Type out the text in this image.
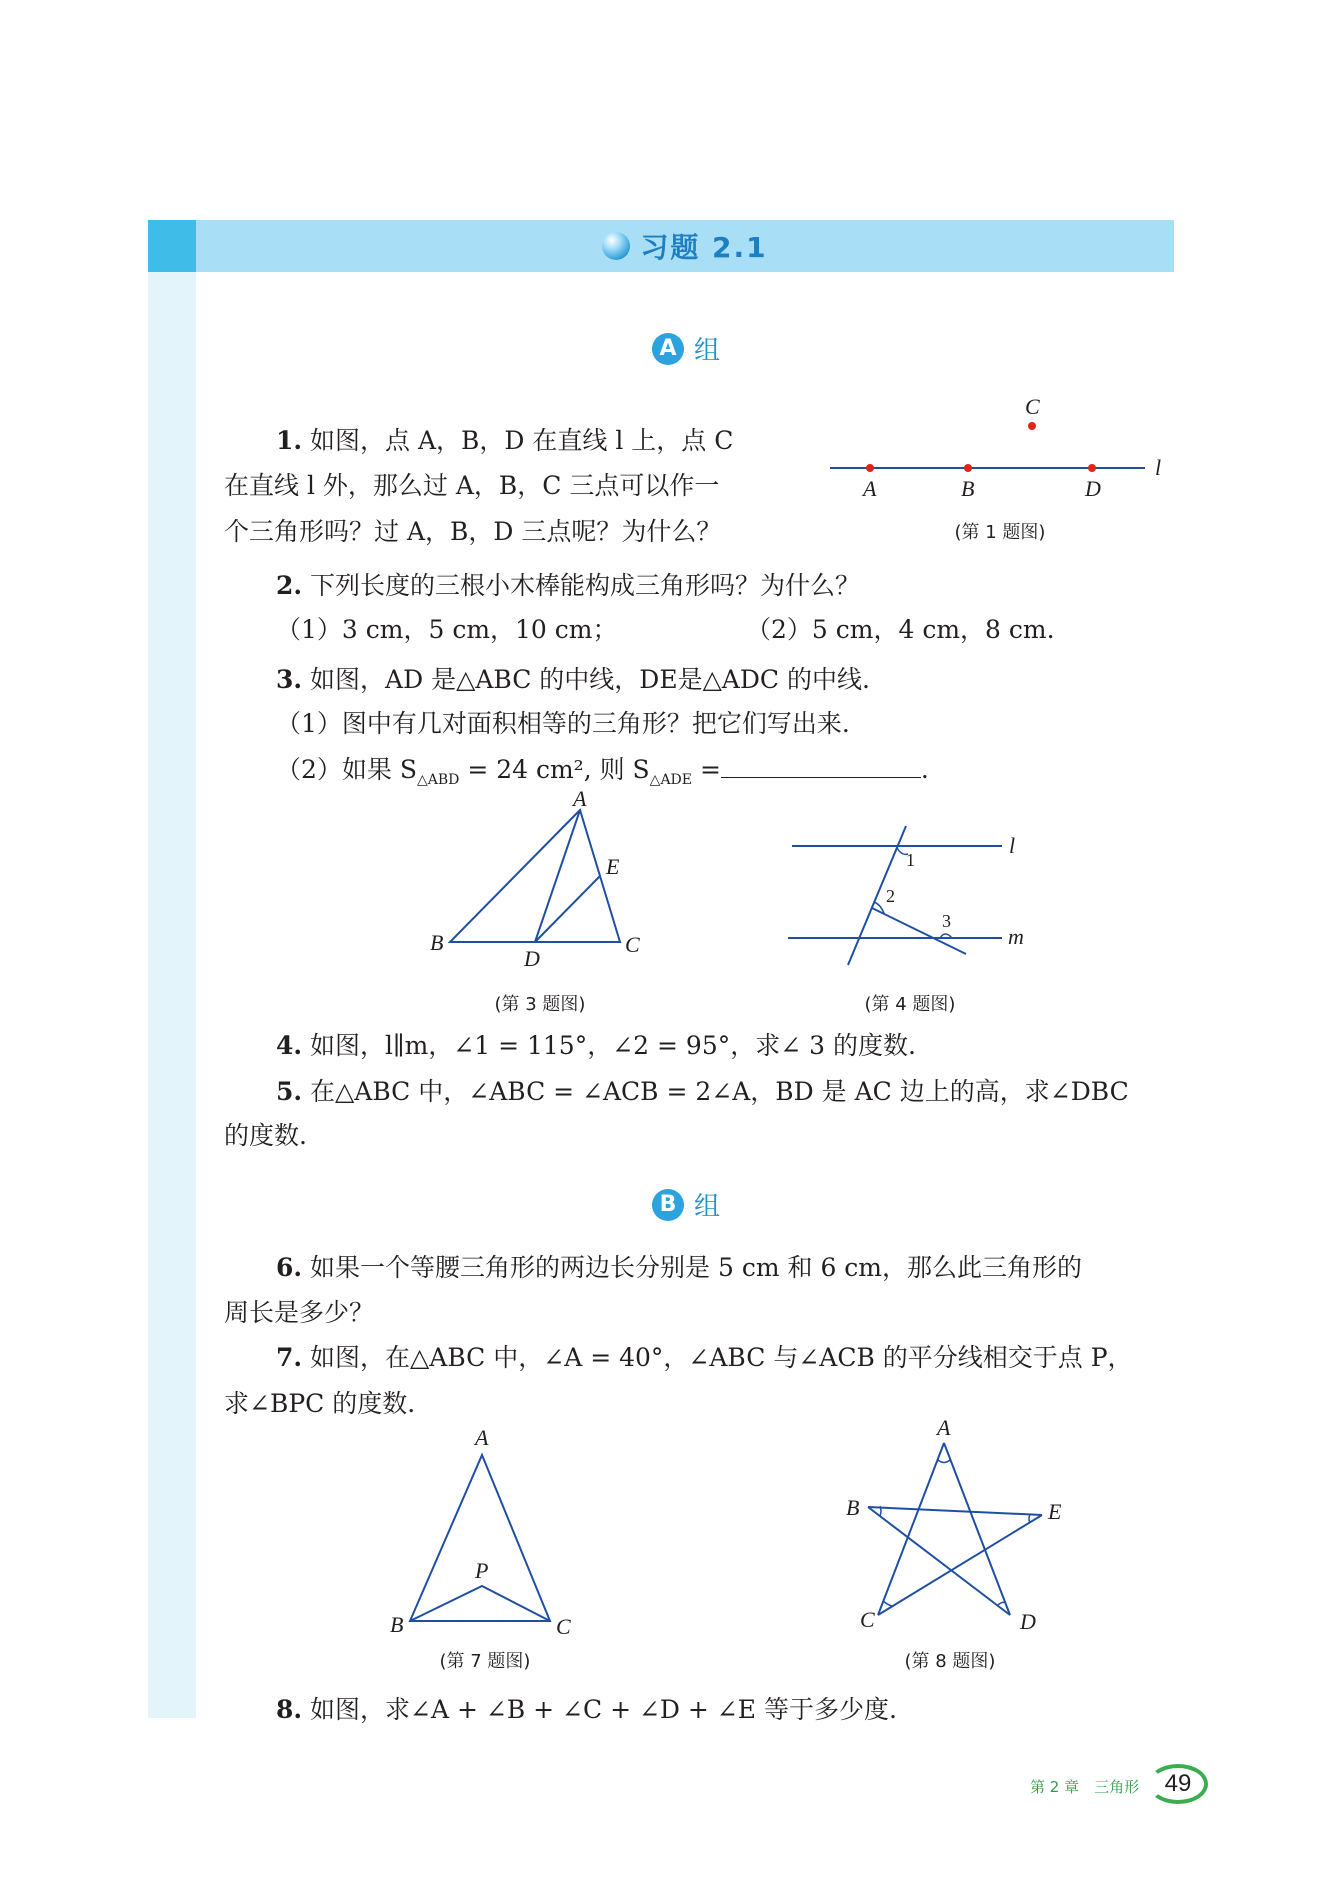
习题 2.1
A 组
1. 如图，点 A，B，D 在直线 l 上，点 C
在直线 l 外，那么过 A，B，C 三点可以作一
个三角形吗？过 A，B，D 三点呢？为什么？
A	B	D
C
l
(第 1 题图)
2. 下列长度的三根小木棒能构成三角形吗？为什么？
（1）3 cm，5 cm，10 cm；	（2）5 cm，4 cm，8 cm.
3. 如图，AD 是△ABC 的中线，DE是△ADC 的中线.
（1）图中有几对面积相等的三角形？把它们写出来.
（2）如果 $S_{\triangle ABD} = 24$ cm², 则 $S_{\triangle ADE}$ =	.
A
B	C
D
E
(第 3 题图)
l
m
1
2
3
(第 4 题图)
4. 如图，l∥m，∠1 = 115°，∠2 = 95°，求∠ 3 的度数.
5. 在△ABC 中，∠ABC = ∠ACB = 2∠A，BD 是 AC 边上的高，求∠DBC
的度数.
B 组
6. 如果一个等腰三角形的两边长分别是 5 cm 和 6 cm，那么此三角形的
周长是多少？
7. 如图，在△ABC 中，∠A = 40°，∠ABC 与∠ACB 的平分线相交于点 P，
求∠BPC 的度数.
A
B	C
P
(第 7 题图)
A
B
C	D
E
(第 8 题图)
8. 如图，求∠A + ∠B + ∠C + ∠D + ∠E 等于多少度.
第 2 章　三角形	49
